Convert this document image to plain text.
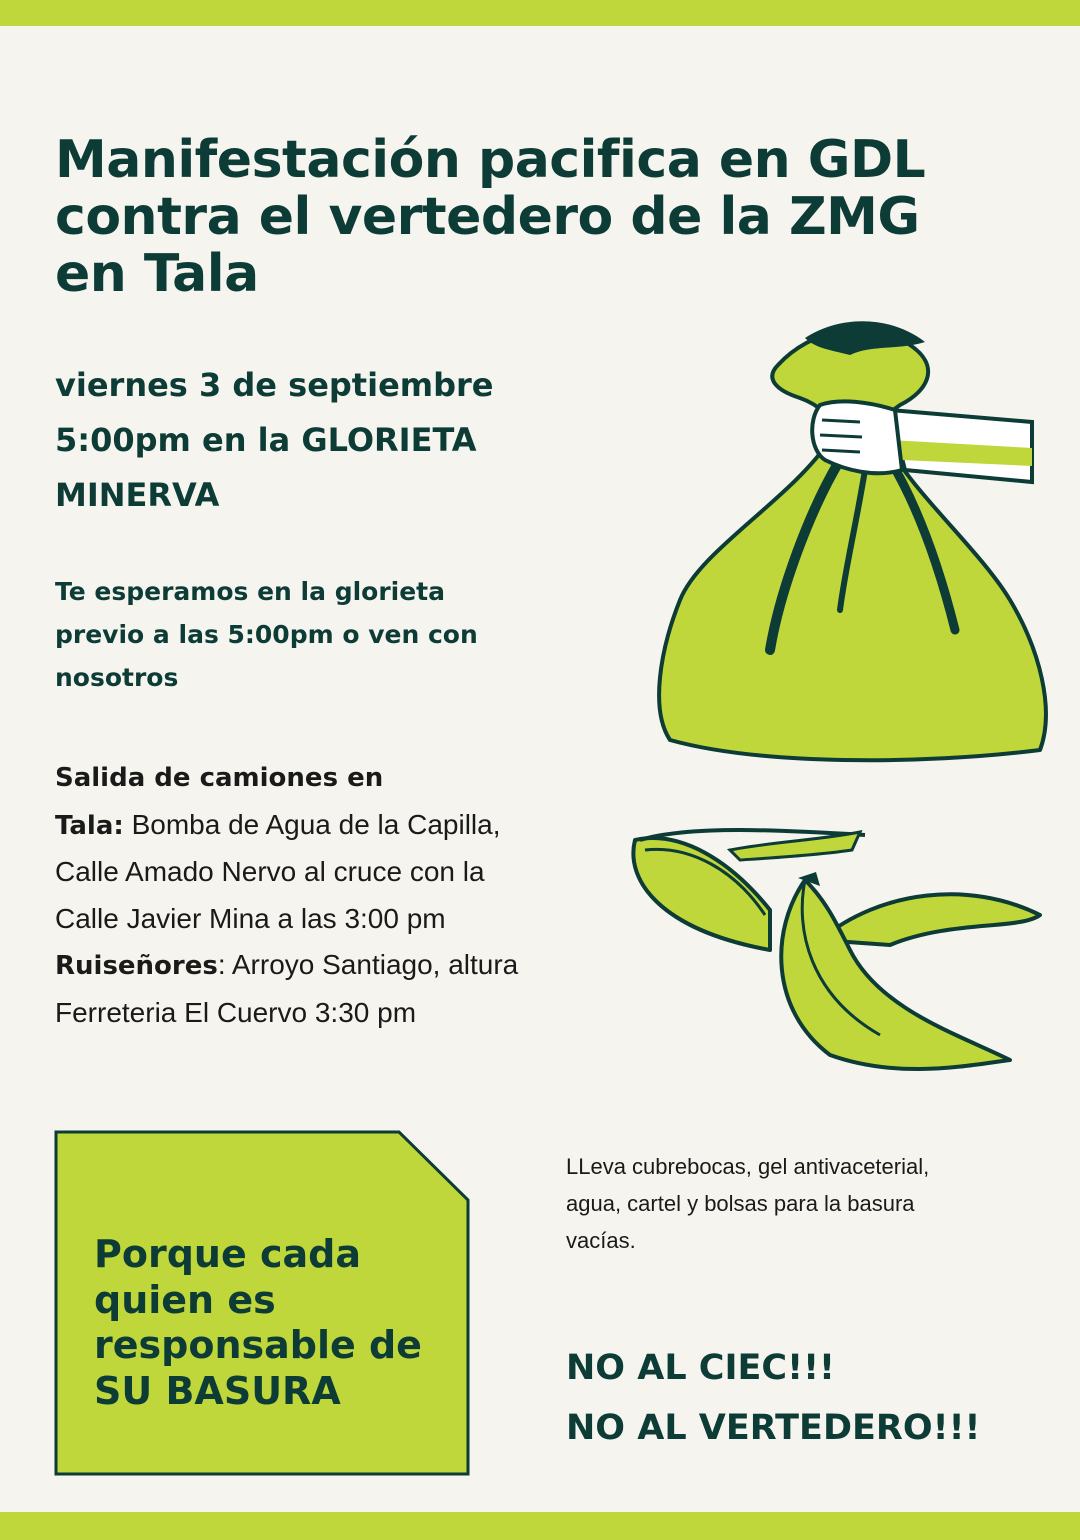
Manifestación pacifica en GDL
contra el vertedero de la ZMG
en Tala
viernes 3 de septiembre
5:00pm en la GLORIETA
MINERVA
Te esperamos en la glorieta
previo a las 5:00pm o ven con
nosotros
Salida de camiones en
Tala: Bomba de Agua de la Capilla,
Calle Amado Nervo al cruce con la
Calle Javier Mina a las 3:00 pm
Ruiseñores: Arroyo Santiago, altura
Ferreteria El Cuervo 3:30 pm
Porque cada
quien es
responsable de
SU BASURA
LLeva cubrebocas, gel antivaceterial,
agua, cartel y bolsas para la basura
vacías.
NO AL CIEC!!!
NO AL VERTEDERO!!!
